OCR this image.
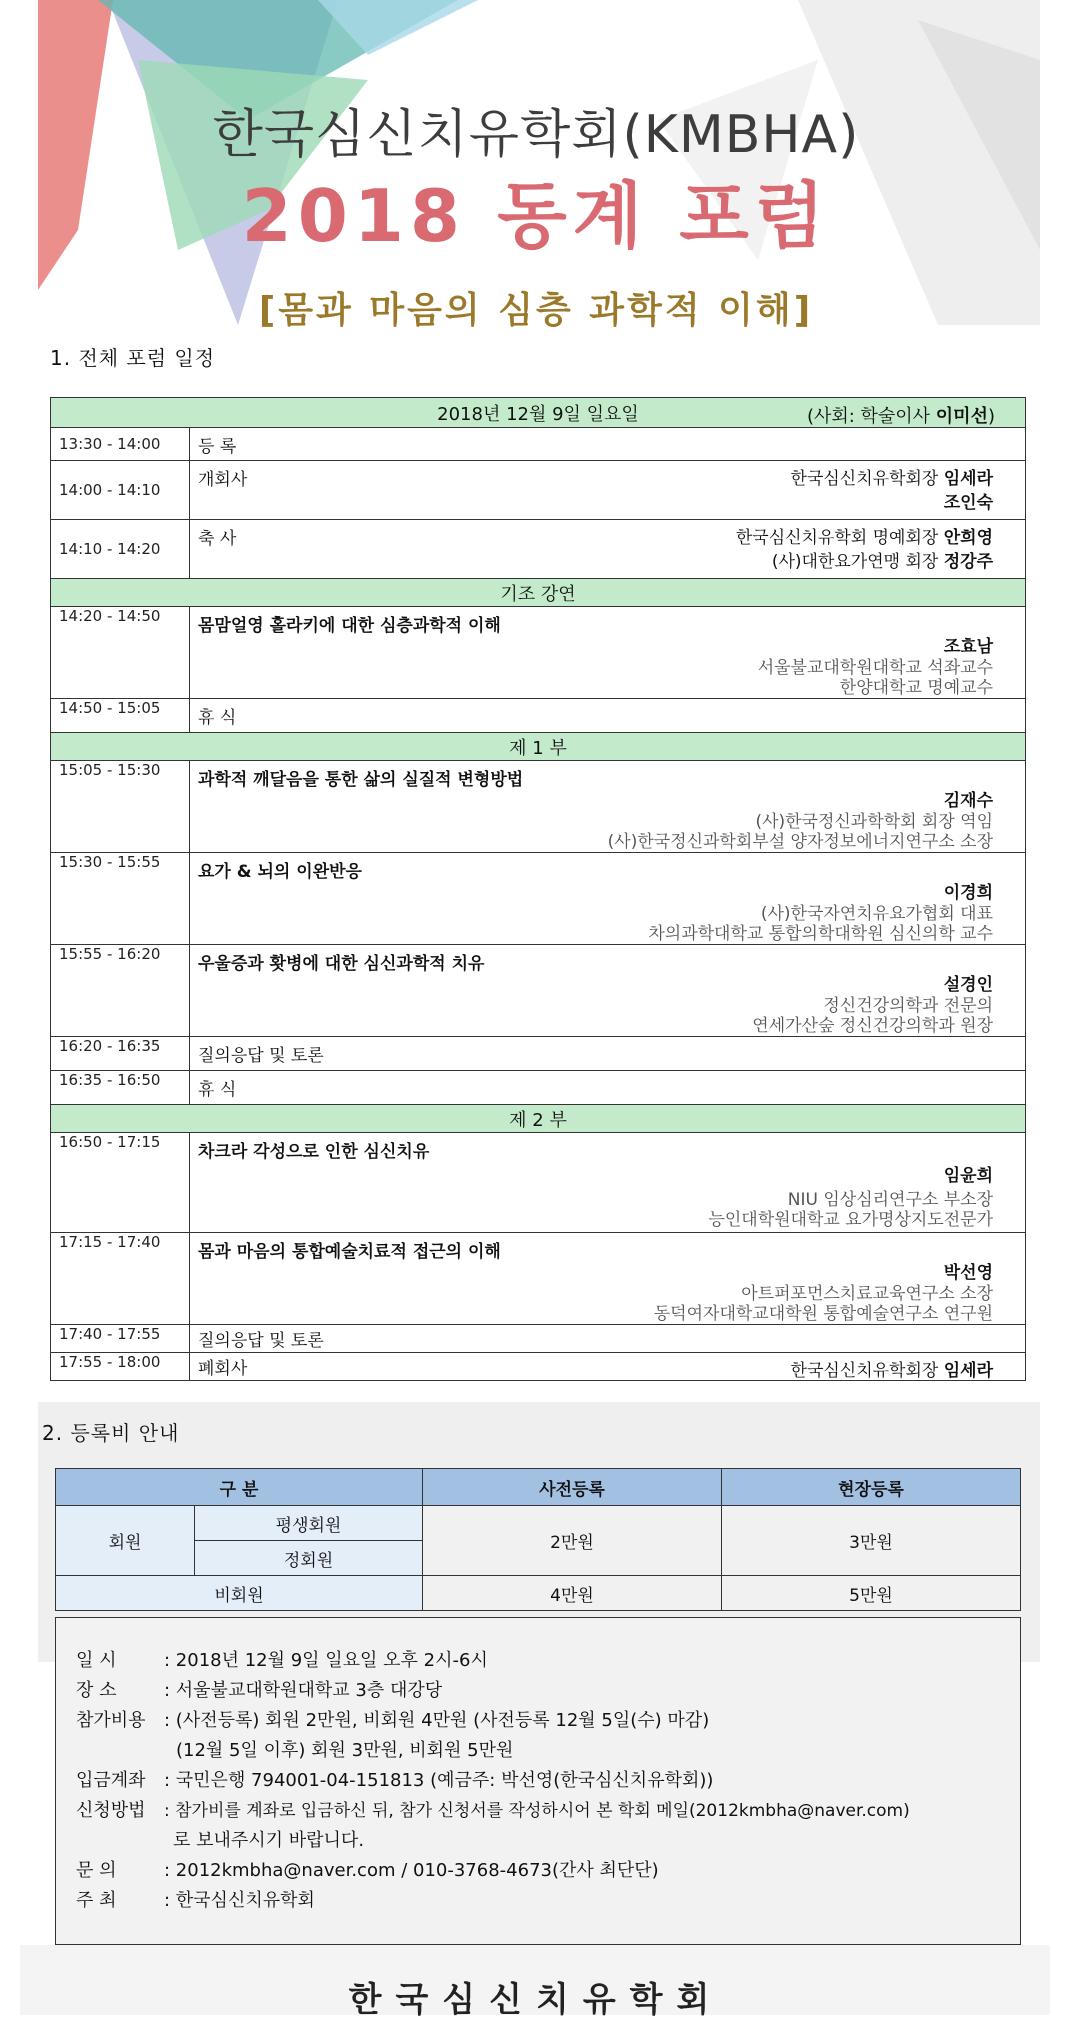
한국심신치유학회(KMBHA)
2018 동계 포럼
[몸과 마음의 심층 과학적 이해]
1. 전체 포럼 일정
2018년 12월 9일 일요일 (사회: 학술이사 이미선)	

13:30 - 14:00	등 록
14:00 - 14:10	개회사 한국심신치유학회장 임세라
조인숙

14:10 - 14:20	축 사 한국심신치유학회 명예회장 안희영
(사)대한요가연맹 회장 정강주

기조 강연	
14:20 - 14:50	몸맘얼영 홀라키에 대한 심층과학적 이해
조효남
서울불교대학원대학교 석좌교수
한양대학교 명예교수

14:50 - 15:05	휴 식
제 1 부	
15:05 - 15:30	과학적 깨달음을 통한 삶의 실질적 변형방법
김재수
(사)한국정신과학학회 회장 역임
(사)한국정신과학회부설 양자정보에너지연구소 소장

15:30 - 15:55	요가 & 뇌의 이완반응
이경희
(사)한국자연치유요가협회 대표
차의과학대학교 통합의학대학원 심신의학 교수

15:55 - 16:20	우울증과 홧병에 대한 심신과학적 치유
설경인
정신건강의학과 전문의
연세가산숲 정신건강의학과 원장

16:20 - 16:35	질의응답 및 토론
16:35 - 16:50	휴 식
제 2 부	
16:50 - 17:15	차크라 각성으로 인한 심신치유
임윤희
NIU 임상심리연구소 부소장
능인대학원대학교 요가명상지도전문가

17:15 - 17:40	몸과 마음의 통합예술치료적 접근의 이해
박선영
아트퍼포먼스치료교육연구소 소장
동덕여자대학교대학원 통합예술연구소 연구원

17:40 - 17:55	질의응답 및 토론
17:55 - 18:00	폐회사 한국심신치유학회장 임세라
2. 등록비 안내
구 분		사전등록	현장등록
회원	평생회원	2만원	3만원
	정회원		
비회원		4만원	5만원
일 시	: 2018년 12월 9일 일요일 오후 2시-6시
장 소	: 서울불교대학원대학교 3층 대강당
참가비용 : (사전등록) 회원 2만원, 비회원 4만원 (사전등록 12월 5일(수) 마감)
(12월 5일 이후) 회원 3만원, 비회원 5만원
입금계좌 : 국민은행 794001-04-151813 (예금주: 박선영(한국심신치유학회))
신청방법 : 참가비를 계좌로 입금하신 뒤, 참가 신청서를 작성하시어 본 학회 메일(2012kmbha@naver.com)
로 보내주시기 바랍니다.
문 의	: 2012kmbha@naver.com / 010-3768-4673(간사 최단단)
주 최	: 한국심신치유학회
한국심신치유학회
